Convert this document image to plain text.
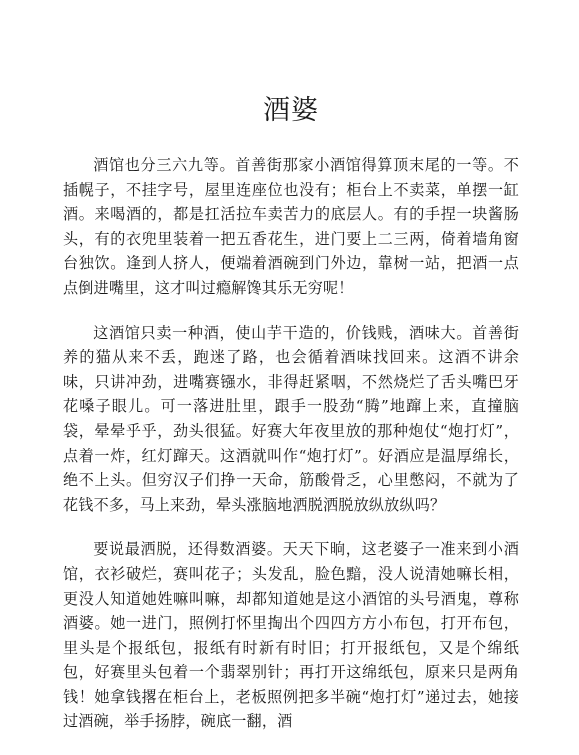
酒婆

酒馆也分三六九等。首善街那家小酒馆得算顶末尾的一等。不插幌子，不挂字号，屋里连座位也没有；柜台上不卖菜，单摆一缸酒。来喝酒的，都是扛活拉车卖苦力的底层人。有的手捏一块酱肠头，有的衣兜里装着一把五香花生，进门要上二三两，倚着墙角窗台独饮。逢到人挤人，便端着酒碗到门外边，靠树一站，把酒一点点倒进嘴里，这才叫过瘾解馋其乐无穷呢！

这酒馆只卖一种酒，使山芋干造的，价钱贱，酒味大。首善街养的猫从来不丢，跑迷了路，也会循着酒味找回来。这酒不讲余味，只讲冲劲，进嘴赛镪水，非得赶紧咽，不然烧烂了舌头嘴巴牙花嗓子眼儿。可一落进肚里，跟手一股劲“腾”地蹿上来，直撞脑袋，晕晕乎乎，劲头很猛。好赛大年夜里放的那种炮仗“炮打灯”，点着一炸，红灯蹿天。这酒就叫作“炮打灯”。好酒应是温厚绵长，绝不上头。但穷汉子们挣一天命，筋酸骨乏，心里憋闷，不就为了花钱不多，马上来劲，晕头涨脑地洒脱洒脱放纵放纵吗？

要说最洒脱，还得数酒婆。天天下晌，这老婆子一准来到小酒馆，衣衫破烂，赛叫花子；头发乱，脸色黯，没人说清她嘛长相，更没人知道她姓嘛叫嘛，却都知道她是这小酒馆的头号酒鬼，尊称酒婆。她一进门，照例打怀里掏出个四四方方小布包，打开布包，里头是个报纸包，报纸有时新有时旧；打开报纸包，又是个绵纸包，好赛里头包着一个翡翠别针；再打开这绵纸包，原来只是两角钱！她拿钱撂在柜台上，老板照例把多半碗“炮打灯”递过去，她接过酒碗，举手扬脖，碗底一翻，酒
